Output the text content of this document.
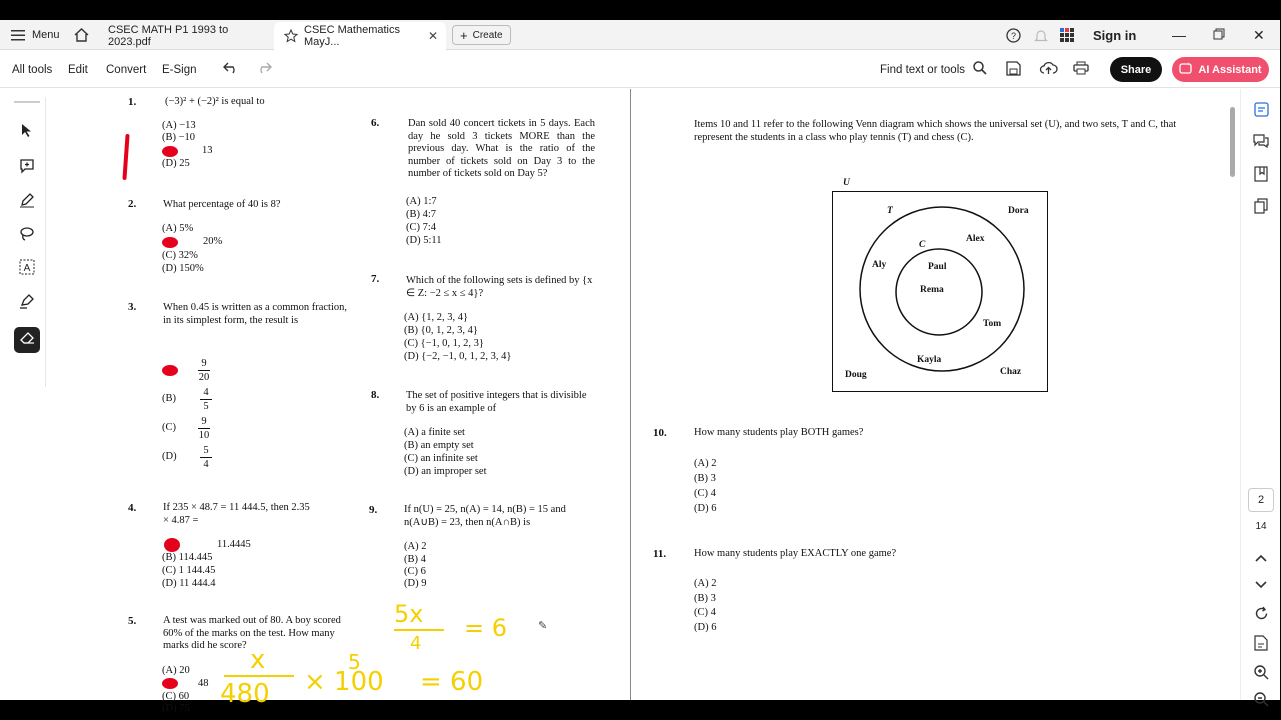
Menu	CSEC MATH P1 1993 to 2023.pdf
CSEC Mathematics MayJ...	✕ + Create	?	Sign in	—	✕
All tools Edit Convert E-Sign	Find text or tools	Share	AI Assistant
A
1.	(−3)² + (−2)² is equal to
(A) −13
(B) −10
13
(D) 25
2.	What percentage of 40 is 8?
(A) 5%
20%
(C) 32%
(D) 150%
3.	When 0.45 is written as a common fraction, in its simplest form, the result is
9
20
(B)
4
5
(C)
9
10
(D)
5
4
4.	If 235 × 48.7 = 11 444.5, then 2.35 × 4.87 =
11.4445
(B) 114.445
(C) 1 144.45
(D) 11 444.4
5.	A test was marked out of 80. A boy scored 60% of the marks on the test. How many marks did he score?
(A) 20
48
(C) 60
(D) 75
6.	Dan sold 40 concert tickets in 5 days. Each day he sold 3 tickets MORE than the previous day. What is the ratio of the number of tickets sold on Day 3 to the number of tickets sold on Day 5?
(A) 1:7
(B) 4:7
(C) 7:4
(D) 5:11
7.	Which of the following sets is defined by {x ∈ Z: −2 ≤ x ≤ 4}?
(A) {1, 2, 3, 4}
(B) {0, 1, 2, 3, 4}
(C) {−1, 0, 1, 2, 3}
(D) {−2, −1, 0, 1, 2, 3, 4}
8.	The set of positive integers that is divisible by 6 is an example of
(A) a finite set
(B) an empty set
(C) an infinite set
(D) an improper set
9.	If n(U) = 25, n(A) = 14, n(B) = 15 and n(A∪B) = 23, then n(A∩B) is
(A) 2
(B) 4
(C) 6
(D) 9
5x
4
= 6	✎
x
480
5
× 100 = 60
Items 10 and 11 refer to the following Venn diagram which shows the universal set (U), and two sets, T and C, that represent the students in a class who play tennis (T) and chess (C).
U
T
C
Dora
Alex
Aly	Paul
Rema
Tom
Kayla
Doug	Chaz
10.	How many students play BOTH games?
(A) 2
(B) 3
(C) 4
(D) 6
11.	How many students play EXACTLY one game?
(A) 2
(B) 3
(C) 4
(D) 6
2
14
